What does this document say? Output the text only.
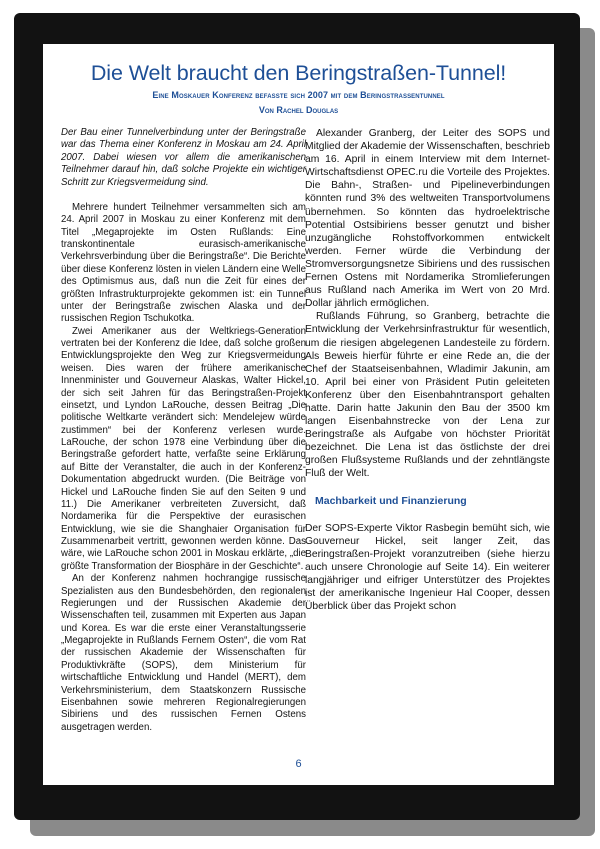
Die Welt braucht den Beringstraßen-Tunnel!
Eine Moskauer Konferenz befasste sich 2007 mit dem Beringstrassentunnel
Von Rachel Douglas

Der Bau einer Tunnelverbindung unter der Beringstraße war das Thema einer Konferenz in Moskau am 24. April 2007. Dabei wiesen vor allem die amerikanischen Teilnehmer darauf hin, daß solche Projekte ein wichtiger Schritt zur Kriegsvermeidung sind.

Mehrere hundert Teilnehmer versammelten sich am 24. April 2007 in Moskau zu einer Konferenz mit dem Titel „Megaprojekte im Osten Rußlands: Eine transkontinentale eurasisch-amerikanische Verkehrsverbindung über die Beringstraße“. Die Berichte über diese Konferenz lösten in vielen Ländern eine Welle des Optimismus aus, daß nun die Zeit für eines der größten Infrastrukturprojekte gekommen ist: ein Tunnel unter der Beringstraße zwischen Alaska und der russischen Region Tschukotka.

Zwei Amerikaner aus der Weltkriegs-Generation vertraten bei der Konferenz die Idee, daß solche großen Entwicklungsprojekte den Weg zur Kriegsvermeidung weisen. Dies waren der frühere amerikanische Innenminister und Gouverneur Alaskas, Walter Hickel, der sich seit Jahren für das Beringstraßen-Projekt einsetzt, und Lyndon LaRouche, dessen Beitrag „Die politische Weltkarte verändert sich: Mendelejew würde zustimmen“ bei der Konferenz verlesen wurde. LaRouche, der schon 1978 eine Verbindung über die Beringstraße gefordert hatte, verfaßte seine Erklärung auf Bitte der Veranstalter, die auch in der Konferenz-Dokumentation abgedruckt wurden. (Die Beiträge von Hickel und LaRouche finden Sie auf den Seiten 9 und 11.) Die Amerikaner verbreiteten Zuversicht, daß Nordamerika für die Perspektive der eurasischen Entwicklung, wie sie die Shanghaier Organisation für Zusammenarbeit vertritt, gewonnen werden könne. Das wäre, wie LaRouche schon 2001 in Moskau erklärte, „die größte Transformation der Biosphäre in der Geschichte“.

An der Konferenz nahmen hochrangige russische Spezialisten aus den Bundesbehörden, den regionalen Regierungen und der Russischen Akademie der Wissenschaften teil, zusammen mit Experten aus Japan und Korea. Es war die erste einer Veranstaltungsserie „Megaprojekte in Rußlands Fernem Osten“, die vom Rat der russischen Akademie der Wissenschaften für Produktivkräfte (SOPS), dem Ministerium für wirtschaftliche Entwicklung und Handel (MERT), dem Verkehrsministerium, dem Staatskonzern Russische Eisenbahnen sowie mehreren Regionalregierungen Sibiriens und des russischen Fernen Ostens ausgetragen werden.

Alexander Granberg, der Leiter des SOPS und Mitglied der Akademie der Wissenschaften, beschrieb am 16. April in einem Interview mit dem Internet-Wirtschaftsdienst OPEC.ru die Vorteile des Projektes. Die Bahn-, Straßen- und Pipelineverbindungen könnten rund 3% des weltweiten Transportvolumens übernehmen. So könnten das hydroelektrische Potential Ostsibiriens besser genutzt und bisher unzugängliche Rohstoffvorkommen entwickelt werden. Ferner würde die Verbindung der Stromversorgungsnetze Sibiriens und des russischen Fernen Ostens mit Nordamerika Stromlieferungen aus Rußland nach Amerika im Wert von 20 Mrd. Dollar jährlich ermöglichen.

Rußlands Führung, so Granberg, betrachte die Entwicklung der Verkehrsinfrastruktur für wesentlich, um die riesigen abgelegenen Landesteile zu fördern. Als Beweis hierfür führte er eine Rede an, die der Chef der Staatseisenbahnen, Wladimir Jakunin, am 10. April bei einer von Präsident Putin geleiteten Konferenz über den Eisenbahntransport gehalten hatte. Darin hatte Jakunin den Bau der 3500 km langen Eisenbahnstrecke von der Lena zur Beringstraße als Aufgabe von höchster Priorität bezeichnet. Die Lena ist das östlichste der drei großen Flußsysteme Rußlands und der zehntlängste Fluß der Welt.

Machbarkeit und Finanzierung

Der SOPS-Experte Viktor Rasbegin bemüht sich, wie Gouverneur Hickel, seit langer Zeit, das Beringstraßen-Projekt voranzutreiben (siehe hierzu auch unsere Chronologie auf Seite 14). Ein weiterer langjähriger und eifriger Unterstützer des Projektes ist der amerikanische Ingenieur Hal Cooper, dessen Überblick über das Projekt schon

6
